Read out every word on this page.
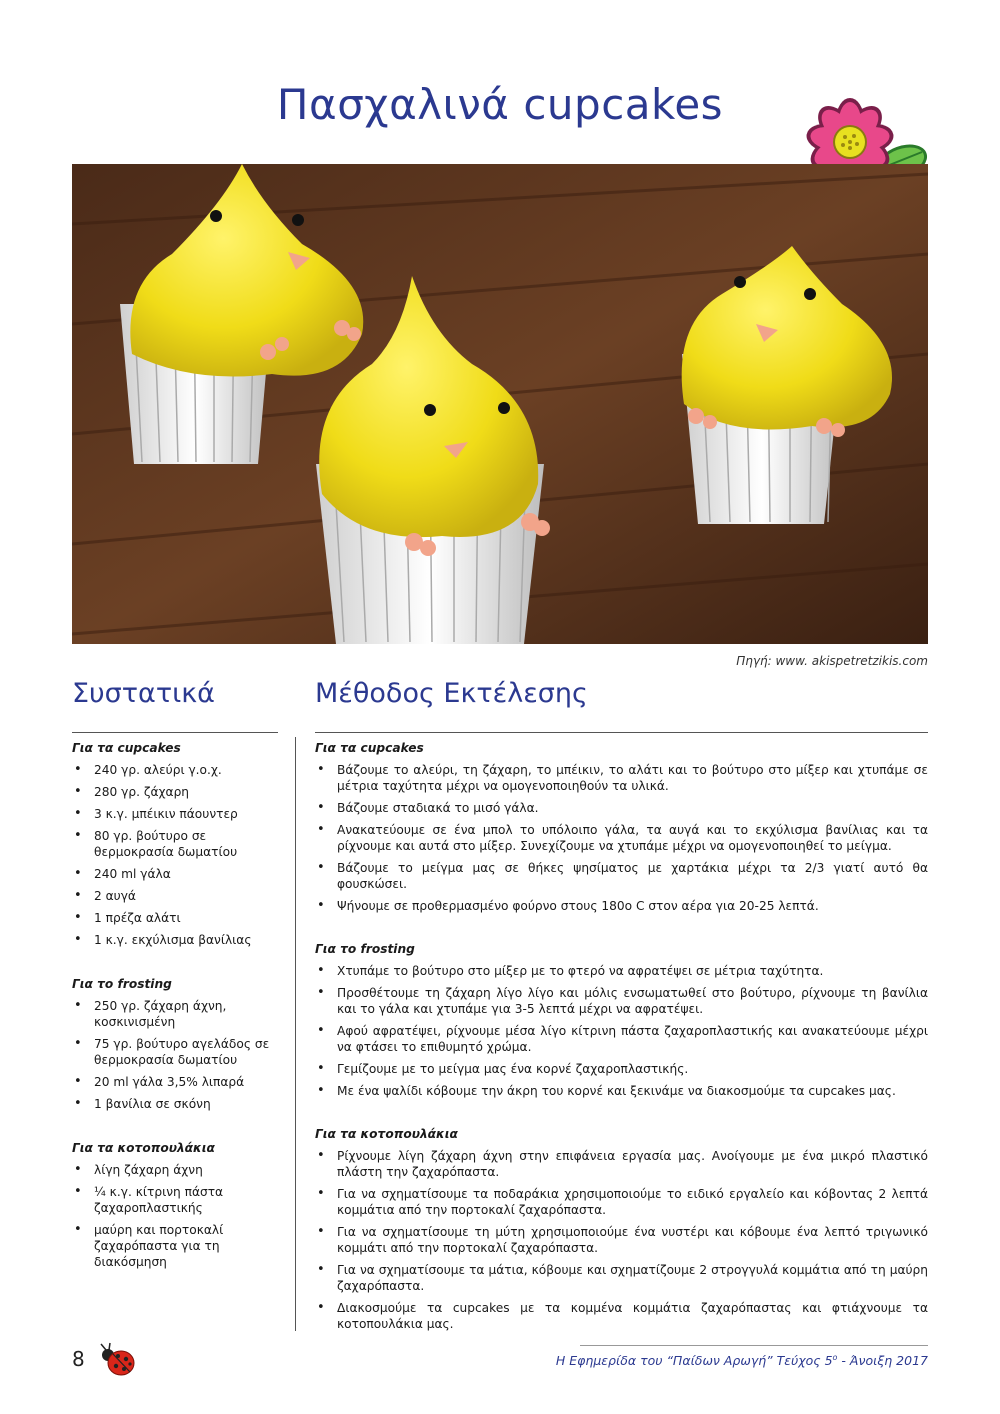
Πασχαλινά cupcakes
Πηγή: www. akispetretzikis.com
Συστατικά	Μέθοδος Εκτέλεσης

Για τα cupcakes

• 240 γρ. αλεύρι γ.ο.χ.
• 280 γρ. ζάχαρη
• 3 κ.γ. μπέικιν πάουντερ
• 80 γρ. βούτυρο σε θερμοκρασία δωματίου
• 240 ml γάλα
• 2 αυγά
• 1 πρέζα αλάτι
• 1 κ.γ. εκχύλισμα βανίλιας

Για το frosting

• 250 γρ. ζάχαρη άχνη, κοσκινισμένη
• 75 γρ. βούτυρο αγελάδος σε θερμοκρασία δωματίου
• 20 ml γάλα 3,5% λιπαρά
• 1 βανίλια σε σκόνη

Για τα κοτοπουλάκια

• λίγη ζάχαρη άχνη
• ¼ κ.γ. κίτρινη πάστα ζαχαροπλαστικής
• μαύρη και πορτοκαλί ζαχαρόπαστα για τη διακόσμηση

Για τα cupcakes

• Βάζουμε το αλεύρι, τη ζάχαρη, το μπέικιν, το αλάτι και το βούτυρο στο μίξερ και χτυπάμε σε μέτρια ταχύτητα μέχρι να ομογενοποιηθούν τα υλικά.
• Βάζουμε σταδιακά το μισό γάλα.
• Ανακατεύουμε σε ένα μπολ το υπόλοιπο γάλα, τα αυγά και το εκχύλισμα βανίλιας και τα ρίχνουμε και αυτά στο μίξερ. Συνεχίζουμε να χτυπάμε μέχρι να ομογενοποιηθεί το μείγμα.
• Βάζουμε το μείγμα μας σε θήκες ψησίματος με χαρτάκια μέχρι τα 2/3 γιατί αυτό θα φουσκώσει.
• Ψήνουμε σε προθερμασμένο φούρνο στους 180ο C στον αέρα για 20-25 λεπτά.

Για το frosting

• Χτυπάμε το βούτυρο στο μίξερ με το φτερό να αφρατέψει σε μέτρια ταχύτητα.
• Προσθέτουμε τη ζάχαρη λίγο λίγο και μόλις ενσωματωθεί στο βούτυρο, ρίχνουμε τη βανίλια και το γάλα και χτυπάμε για 3-5 λεπτά μέχρι να αφρατέψει.
• Αφού αφρατέψει, ρίχνουμε μέσα λίγο κίτρινη πάστα ζαχαροπλαστικής και ανακατεύουμε μέχρι να φτάσει το επιθυμητό χρώμα.
• Γεμίζουμε με το μείγμα μας ένα κορνέ ζαχαροπλαστικής.
• Με ένα ψαλίδι κόβουμε την άκρη του κορνέ και ξεκινάμε να διακοσμούμε τα cupcakes μας.

Για τα κοτοπουλάκια

• Ρίχνουμε λίγη ζάχαρη άχνη στην επιφάνεια εργασία μας. Ανοίγουμε με ένα μικρό πλαστικό πλάστη την ζαχαρόπαστα.
• Για να σχηματίσουμε τα ποδαράκια χρησιμοποιούμε το ειδικό εργαλείο και κόβοντας 2 λεπτά κομμάτια από την πορτοκαλί ζαχαρόπαστα.
• Για να σχηματίσουμε τη μύτη χρησιμοποιούμε ένα νυστέρι και κόβουμε ένα λεπτό τριγωνικό κομμάτι από την πορτοκαλί ζαχαρόπαστα.
• Για να σχηματίσουμε τα μάτια, κόβουμε και σχηματίζουμε 2 στρογγυλά κομμάτια από τη μαύρη ζαχαρόπαστα.
• Διακοσμούμε τα cupcakes με τα κομμένα κομμάτια ζαχαρόπαστας και φτιάχνουμε τα κοτοπουλάκια μας.
8	Η Εφημερίδα του “Παίδων Αρωγή” Τεύχος $5^o$ - Άνοιξη 2017
